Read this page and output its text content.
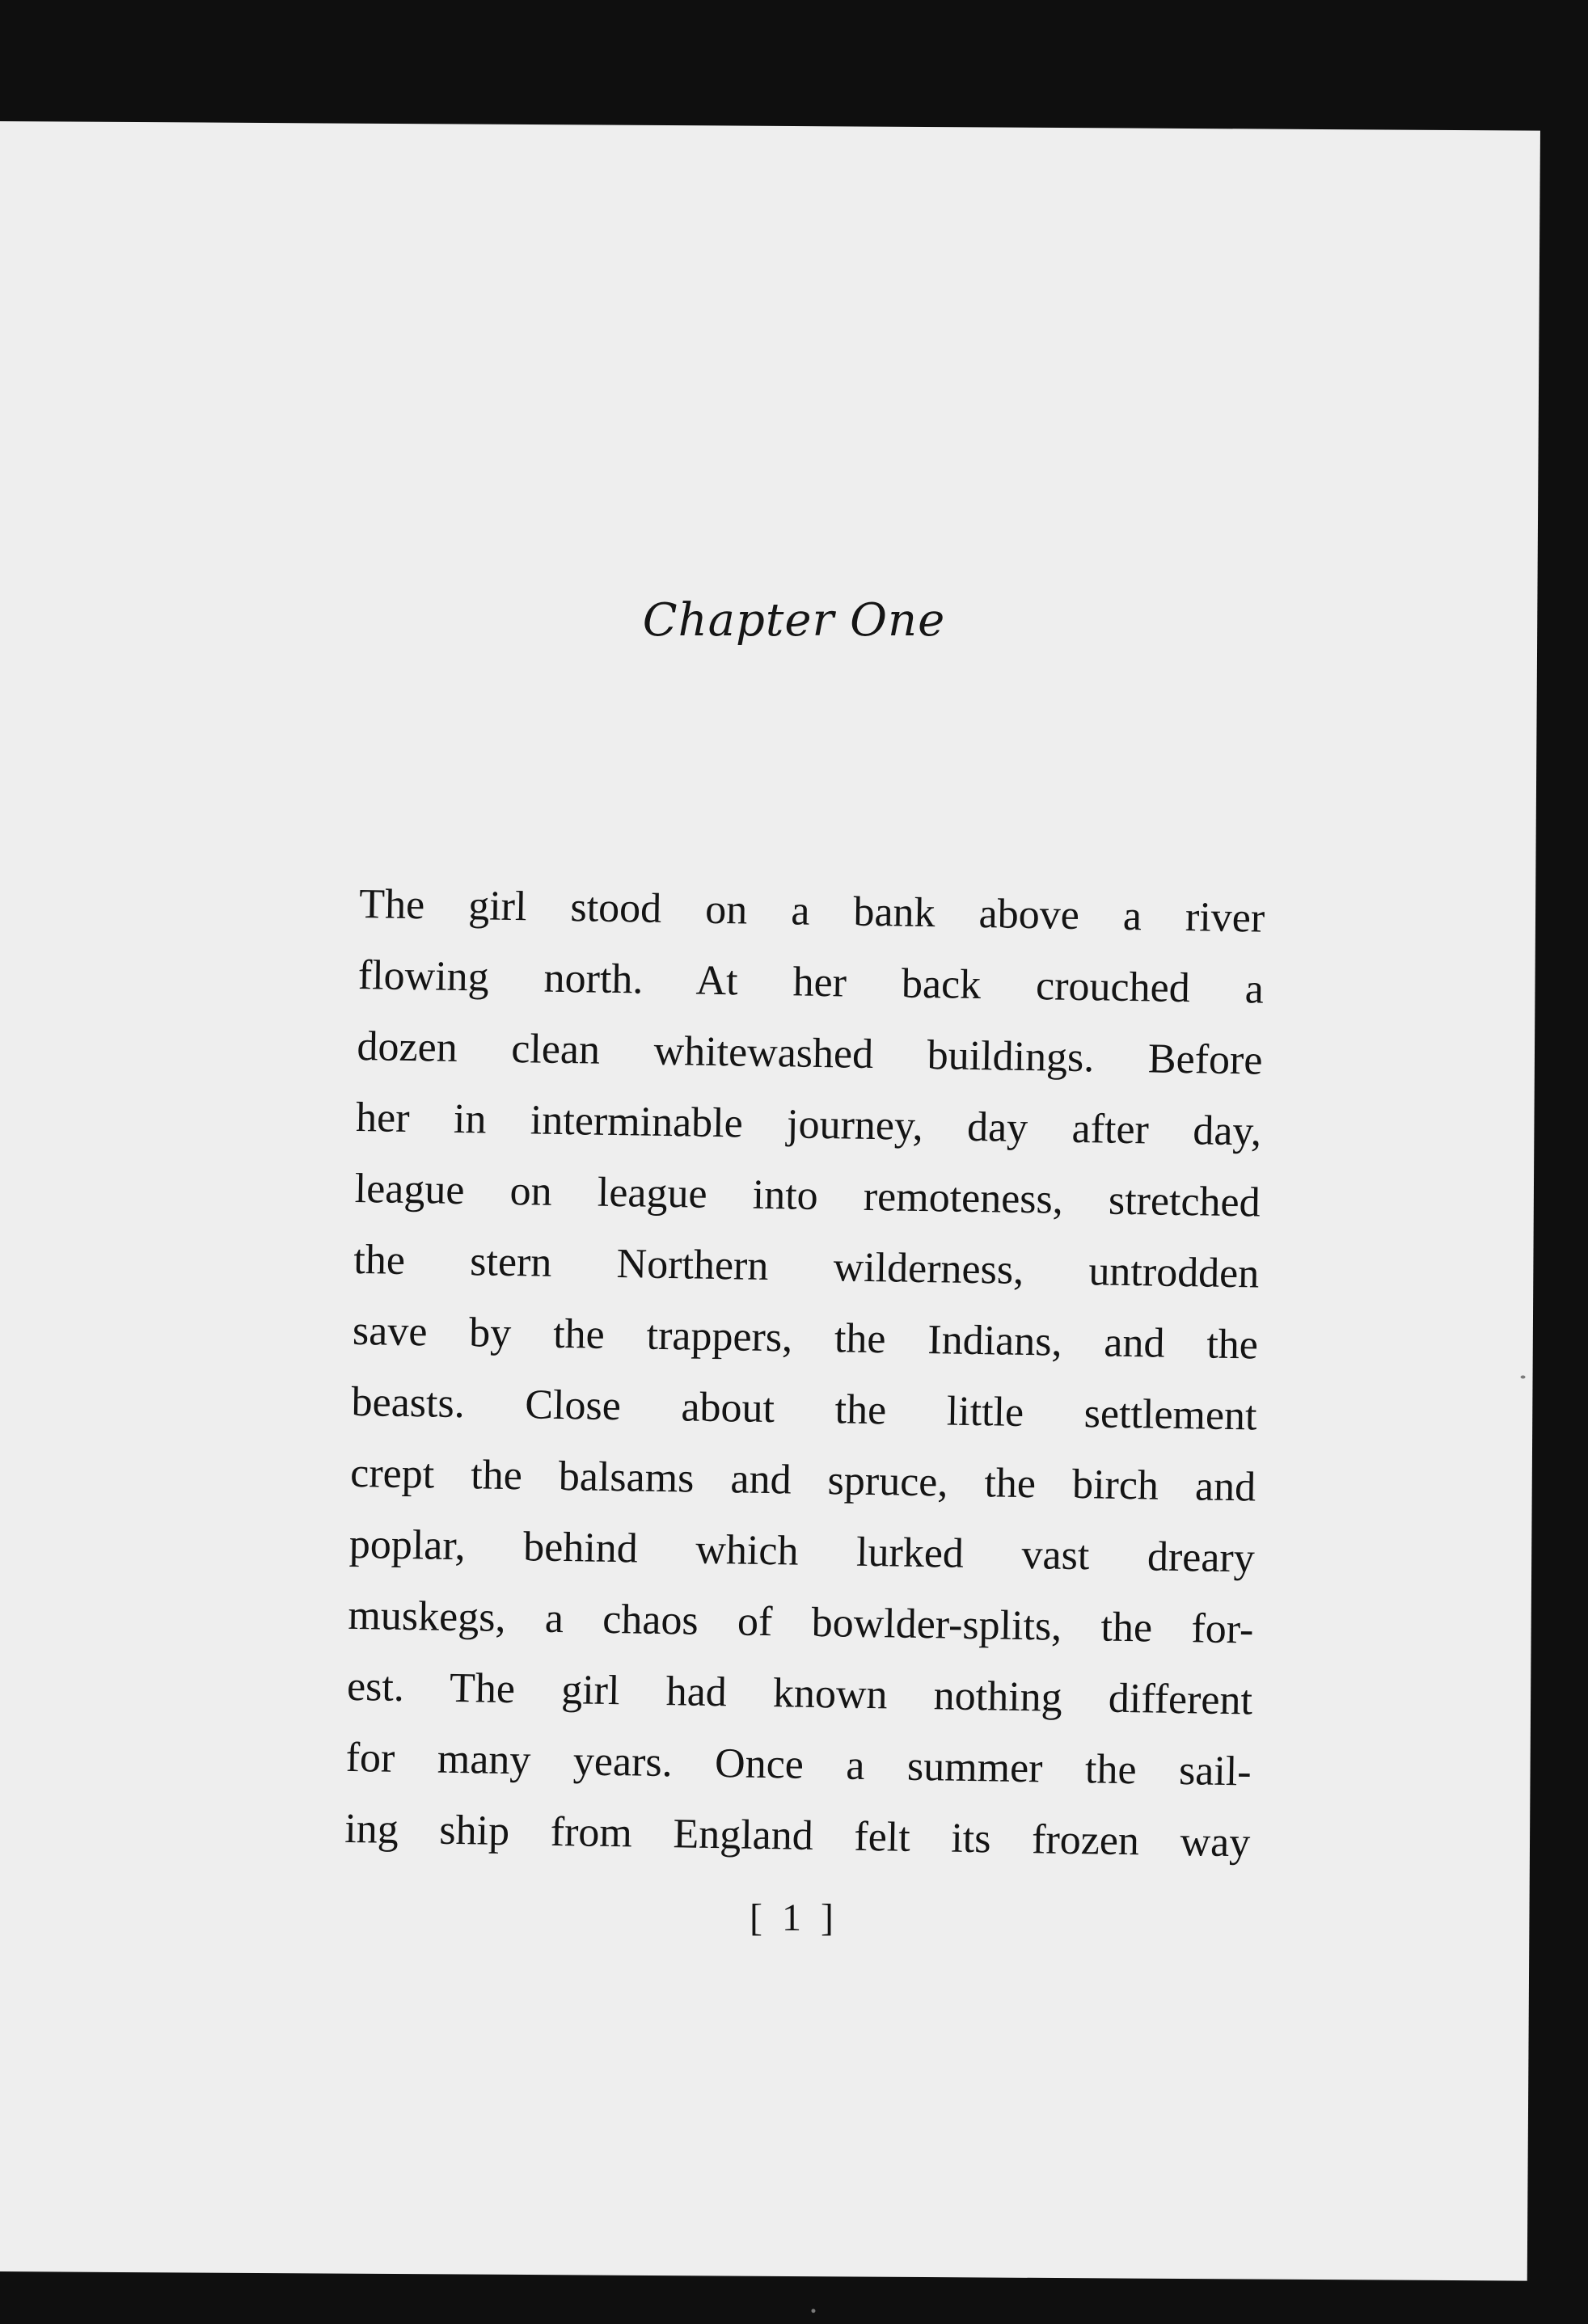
Chapter One
The girl stood on a bank above a river
flowing north. At her back crouched a
dozen clean whitewashed buildings. Before
her in interminable journey, day after day,
league on league into remoteness, stretched
the stern Northern wilderness, untrodden
save by the trappers, the Indians, and the
beasts. Close about the little settlement
crept the balsams and spruce, the birch and
poplar, behind which lurked vast dreary
muskegs, a chaos of bowlder-splits, the for-
est. The girl had known nothing different
for many years. Once a summer the sail-
ing ship from England felt its frozen way
[ 1 ]
